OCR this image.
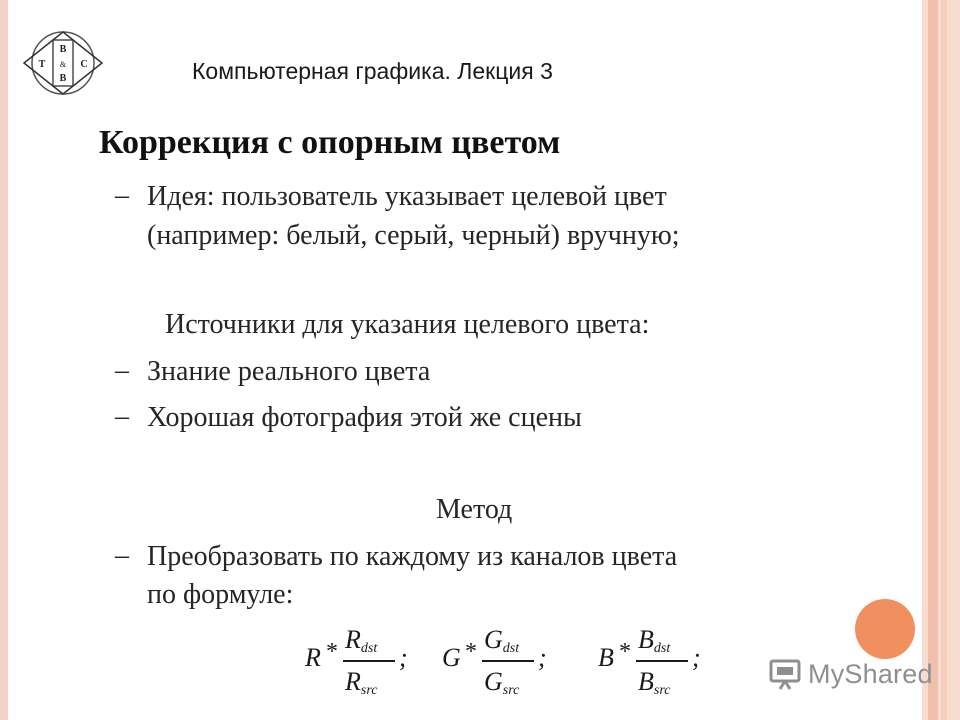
B
T	C
&
B	Компьютерная графика. Лекция 3
Коррекция с опорным цветом
– Идея: пользователь указывает целевой цвет
(например: белый, серый, черный) вручную;
Источники для указания целевого цвета:
– Знание реального цвета
– Хорошая фотография этой же сцены
Метод
– Преобразовать по каждому из каналов цвета
по формуле:
R * $R_{dst}$
$R_{src}$
; G * $G_{dst}$
$G_{src}$
; B * $B_{dst}$
$B_{src}$
;
MyShared
